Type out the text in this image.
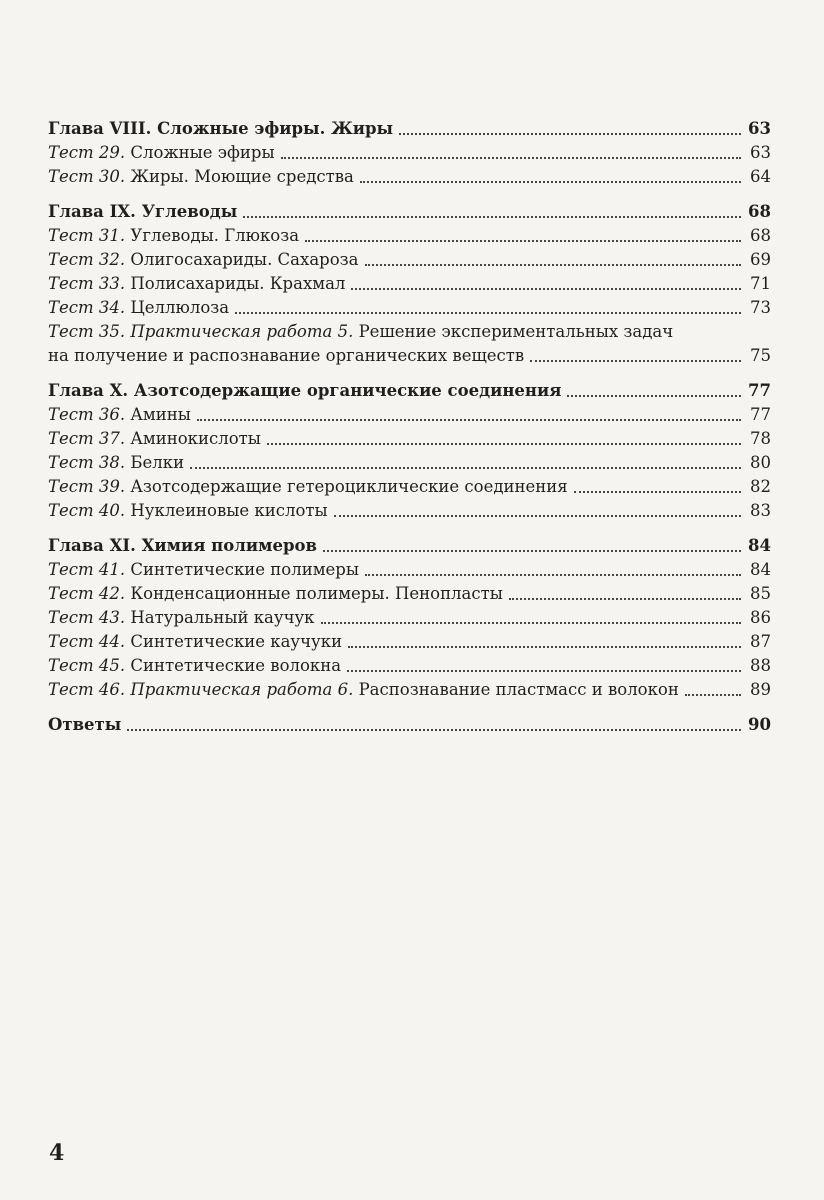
Глава VIII. Сложные эфиры. Жиры	63
Тест 29. Сложные эфиры	63
Тест 30. Жиры. Моющие средства	64
Глава IX. Углеводы	68
Тест 31. Углеводы. Глюкоза	68
Тест 32. Олигосахариды. Сахароза	69
Тест 33. Полисахариды. Крахмал	71
Тест 34. Целлюлоза	73
Тест 35. Практическая работа 5. Решение экспериментальных задач
на получение и распознавание органических веществ	75
Глава X. Азотсодержащие органические соединения	77
Тест 36. Амины	77
Тест 37. Аминокислоты	78
Тест 38. Белки	80
Тест 39. Азотсодержащие гетероциклические соединения	82
Тест 40. Нуклеиновые кислоты	83
Глава XI. Химия полимеров	84
Тест 41. Синтетические полимеры	84
Тест 42. Конденсационные полимеры. Пенопласты	85
Тест 43. Натуральный каучук	86
Тест 44. Синтетические каучуки	87
Тест 45. Синтетические волокна	88
Тест 46. Практическая работа 6. Распознавание пластмасс и волокон	89
Ответы	90
4
